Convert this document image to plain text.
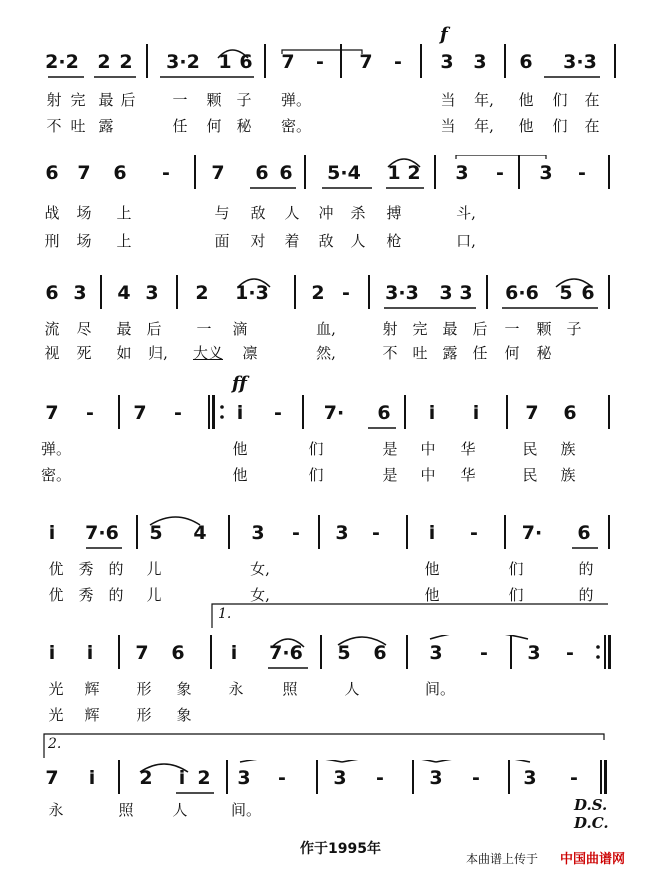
2·2 2 2 3·2 1 6 7 - 7 - 3 3 6 3·3
f
射 完 最 后 一 颗 子 弹。	当 年, 他 们 在
不 吐 露	任 何 秘 密。	当 年, 他 们 在
6 7 6 - 7 6 6 5·4 1 2 3 - 3 -
战 场 上	与 敌 人 冲 杀 搏	斗,
刑 场 上	面 对 着 敌 人 枪	口,
6 3 4 3 2 1·3 2 - 3·3 3 3 6·6 5 6
流 尽 最 后 一 滴	血,	射 完 最 后 一 颗 子
视 死 如 归, 大义 凛	然,	不 吐 露 任 何 秘
7 - 7 -	i - 7· 6 i i 7 6
ff
弹。	他	们	是 中 华	民 族
密。	他	们	是 中 华	民 族
i 7·6 5 4 3 - 3 -	i - 7· 6
优 秀 的 儿	女,	他	们	的
优 秀 的 儿	女,	他	们	的
1.
i i 7 6 i 7·6 5 6 3 - 3 -
光 辉 形 象 永	照	人	间。
光 辉 形 象
2.
7 i 2 i 2 3 - 3 - 3 - 3 -
永	照	人	间。	D.S.
D.C.
作于1995年
本曲谱上传于 中国曲谱网
